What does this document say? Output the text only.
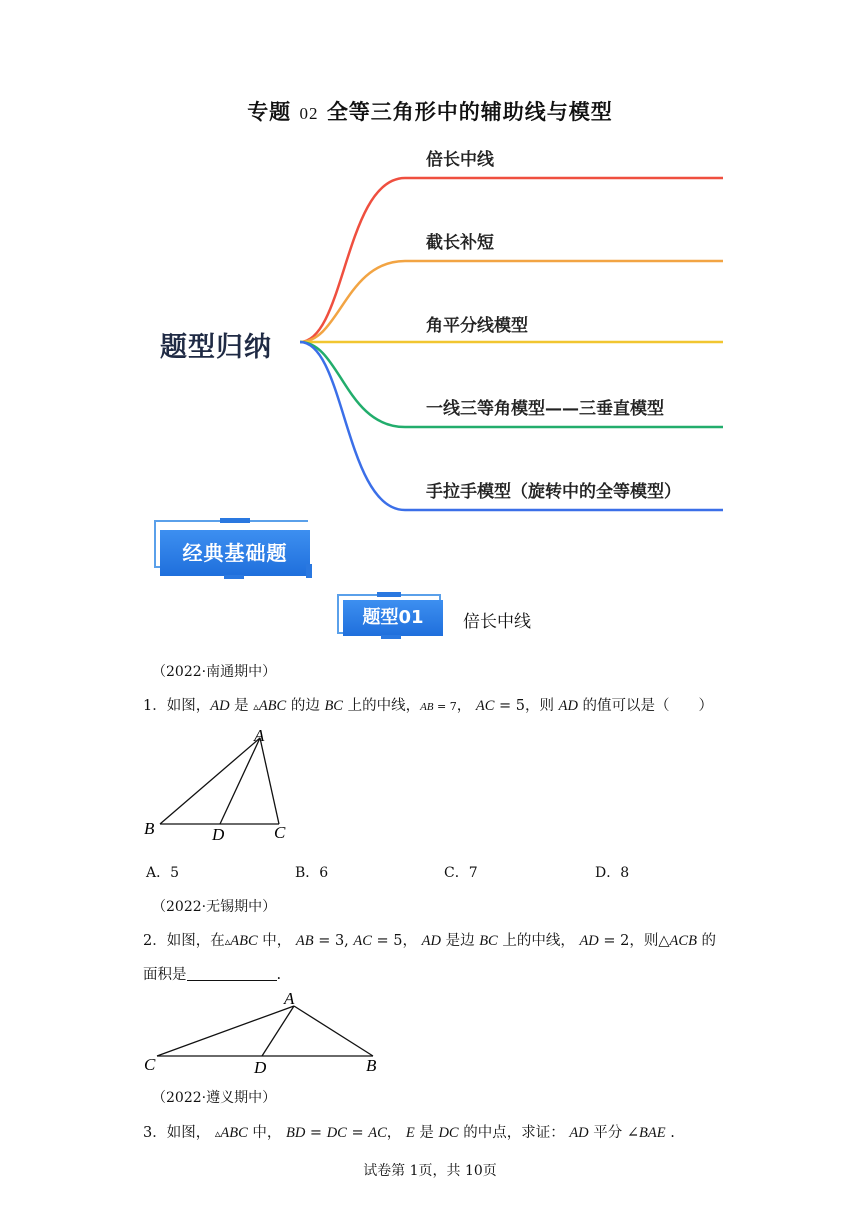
专题 02 全等三角形中的辅助线与模型
题型归纳
倍长中线
截长补短
角平分线模型
一线三等角模型——三垂直模型
手拉手模型（旋转中的全等模型）
经典基础题
题型01	倍长中线
（2022·南通期中）
1．如图，AD 是 ▵ABC 的边 BC 上的中线，AB = 7， AC = 5，则 AD 的值可以是（　　）
A
B	D	C
A．5	B．6	C．7	D．8
（2022·无锡期中）
2．如图，在▵ABC 中， AB = 3, AC = 5， AD 是边 BC 上的中线， AD = 2，则△ACB 的
面积是	.
A
C	D	B
（2022·遵义期中）
3．如图， ▵ABC 中， BD = DC = AC， E 是 DC 的中点，求证： AD 平分 ∠BAE .
试卷第 1页，共 10页
